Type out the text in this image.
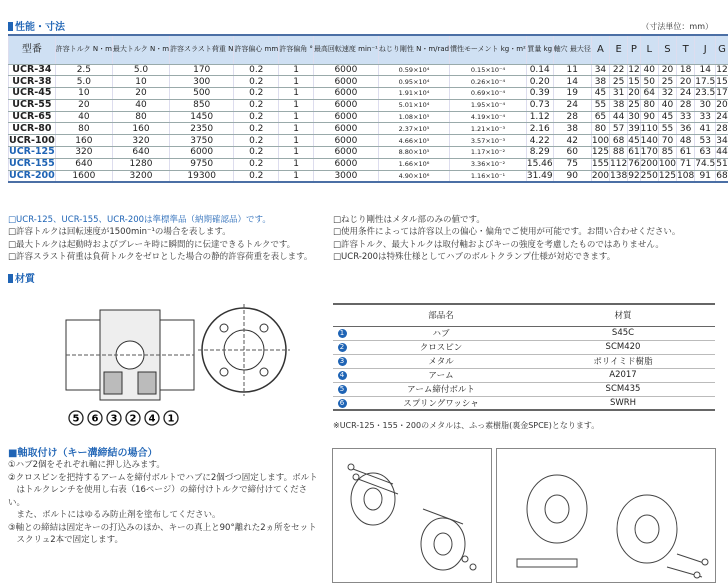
性能・寸法	（寸法単位：mm）
型番	許容トルク N・m	最大トルク N・m	許容スラスト荷重 N	許容偏心 mm	許容偏角 °	最高回転速度 min⁻¹	ねじり剛性 N・m/rad	慣性モーメント kg・m²	質量 kg	軸穴 最大径	A	E	P	L	S	T	J	G
UCR-34	2.5	5.0	170	0.2	1	6000	0.59×10⁴	0.15×10⁻⁴	0.14	11	34	22	12	40	20	18	14	12
UCR-38	5.0	10	300	0.2	1	6000	0.95×10⁴	0.26×10⁻⁴	0.20	14	38	25	15	50	25	20	17.5	15
UCR-45	10	20	500	0.2	1	6000	1.91×10⁴	0.69×10⁻⁴	0.39	19	45	31	20	64	32	24	23.5	17
UCR-55	20	40	850	0.2	1	6000	5.01×10⁴	1.95×10⁻⁴	0.73	24	55	38	25	80	40	28	30	20
UCR-65	40	80	1450	0.2	1	6000	1.08×10⁵	4.19×10⁻⁴	1.12	28	65	44	30	90	45	33	33	24
UCR-80	80	160	2350	0.2	1	6000	2.37×10⁵	1.21×10⁻³	2.16	38	80	57	39	110	55	36	41	28
UCR-100	160	320	3750	0.2	1	6000	4.66×10⁵	3.57×10⁻³	4.22	42	100	68	45	140	70	48	53	34
UCR-125	320	640	6000	0.2	1	6000	8.80×10⁵	1.17×10⁻²	8.29	60	125	88	61	170	85	61	63	44
UCR-155	640	1280	9750	0.2	1	6000	1.66×10⁶	3.36×10⁻²	15.46	75	155	112	76	200	100	71	74.5	51
UCR-200	1600	3200	19300	0.2	1	3000	4.90×10⁶	1.16×10⁻¹	31.49	90	200	138	92	250	125	108	91	68
□UCR-125、UCR-155、UCR-200は準標準品（納期確認品）です。
□許容トルクは回転速度が1500min⁻¹の場合を表します。
□最大トルクは起動時およびブレーキ時に瞬間的に伝達できるトルクです。
□許容スラスト荷重は負荷トルクをゼロとした場合の静的許容荷重を表します。
□ねじり剛性はメタル部のみの値です。
□使用条件によっては許容以上の偏心・偏角でご使用が可能です。お問い合わせください。
□許容トルク、最大トルクは取付軸およびキーの強度を考慮したものではありません。
□UCR-200は特殊仕様としてハブのボルトクランプ仕様が対応できます。
材質
5 6 3 2 4 1
	部品名	材質
1	ハブ	S45C
2	クロスピン	SCM420
3	メタル	ポリイミド樹脂
4	アーム	A2017
5	アーム締付ボルト	SCM435
6	スプリングワッシャ	SWRH
※UCR-125・155・200のメタルは、ふっ素樹脂(裏金SPCE)となります。
■軸取付け（キー溝締結の場合）
①ハブ2個をそれぞれ軸に押し込みます。
②クロスピンを把持するアームを締付ボルトでハブに2個づつ固定します。ボルト
　はトルクレンチを使用し右表（16ページ）の締付けトルクで締付けてください。
　また、ボルトにはゆるみ防止剤を塗布してください。
③軸との締結は固定キーの打込みのほか、キーの真上と90°離れた2ヵ所をセット
　スクリュ2本で固定します。
